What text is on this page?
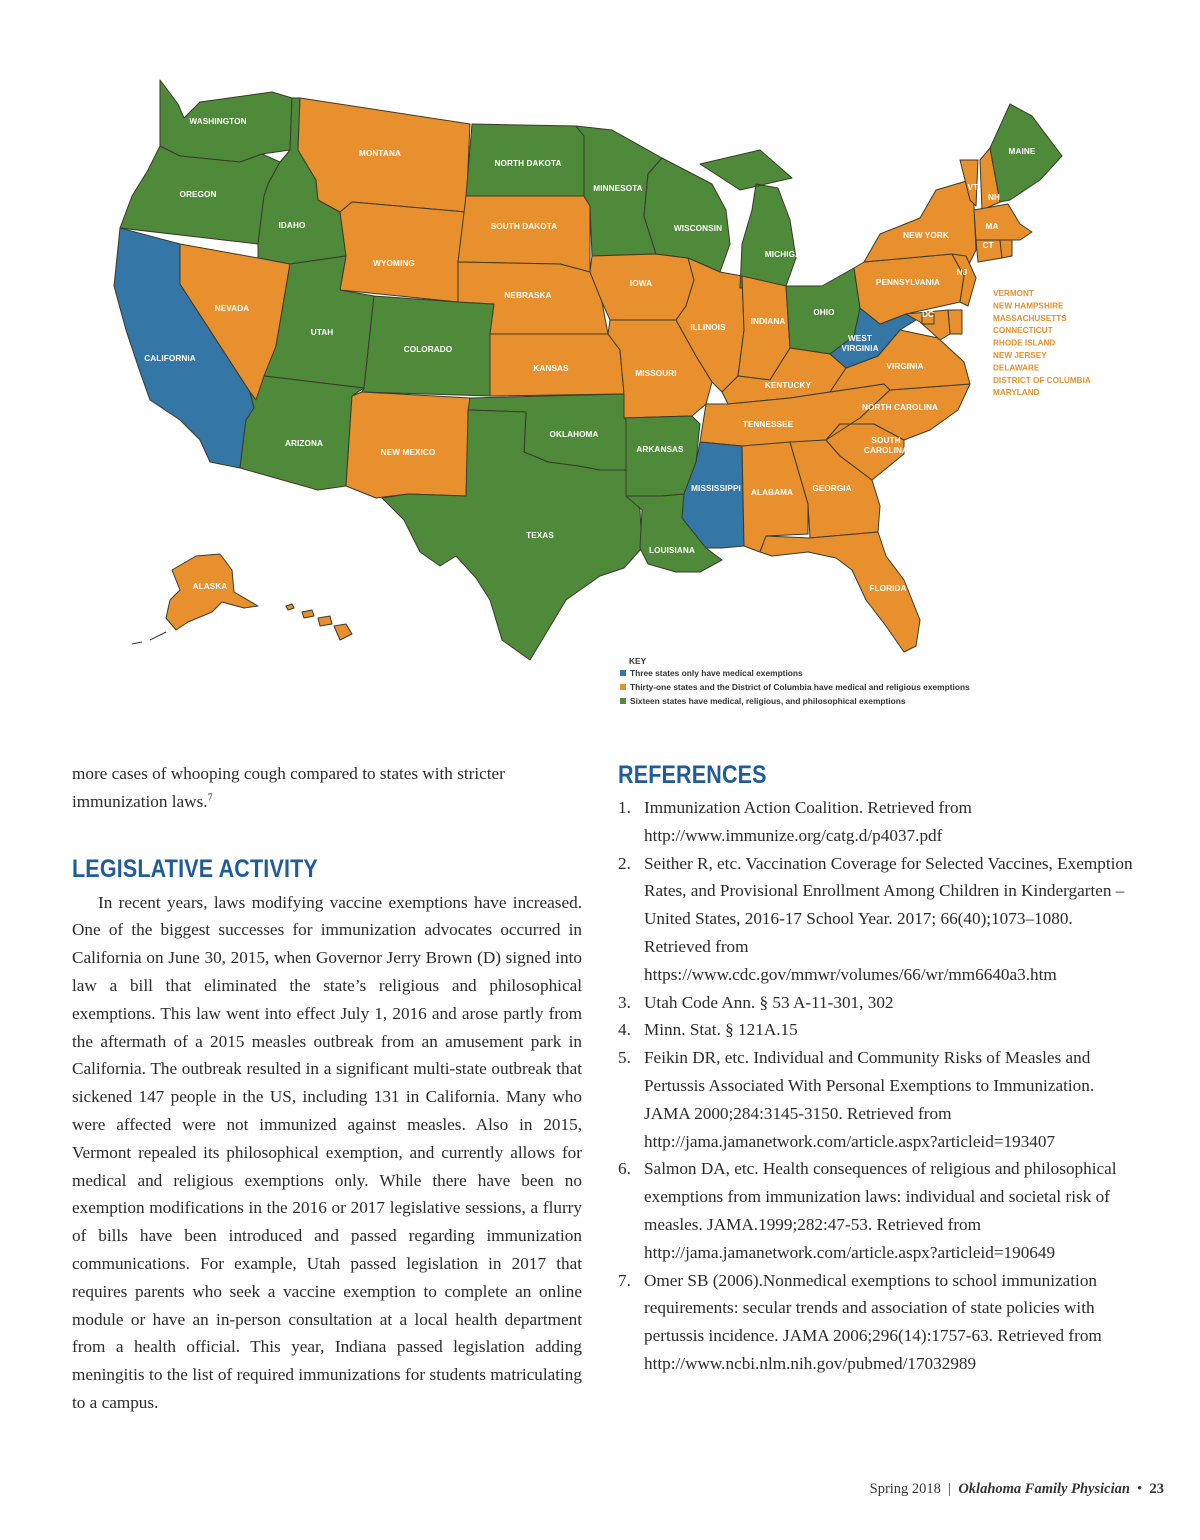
WASHINGTON
OREGON
CALIFORNIA
IDAHO
NEVADA
MONTANA
WYOMING
UTAH
COLORADO
ARIZONA
NEW MEXICO
NORTH DAKOTA
SOUTH DAKOTA
NEBRASKA
KANSAS
OKLAHOMA
TEXAS
MINNESOTA
IOWA
MISSOURI
ARKANSAS
LOUISIANA
WISCONSIN
ILLINOIS
MICHIGAN
INDIANA
OHIO
KENTUCKY
TENNESSEE
MISSISSIPPI ALABAMA GEORGIA
FLORIDA
SOUTH CAROLINA
NORTH CAROLINA
VIRGINIA
WEST VIRGINIA
PENNSYLVANIA
NEW YORK
VT
NH
MAINE
MA
CT
NJ
DC
ALASKA
HAWAII
VERMONT
NEW HAMPSHIRE
MASSACHUSETTS
CONNECTICUT
RHODE ISLAND
NEW JERSEY
DELAWARE
DISTRICT OF COLUMBIA
MARYLAND
KEY
Three states only have medical exemptions
Thirty-one states and the District of Columbia have medical and religious exemptions
Sixteen states have medical, religious, and philosophical exemptions

more cases of whooping cough compared to states with stricter immunization laws.$^7$

LEGISLATIVE ACTIVITY

In recent years, laws modifying vaccine exemptions have increased. One of the biggest successes for immunization advocates occurred in California on June 30, 2015, when Governor Jerry Brown (D) signed into law a bill that eliminated the state’s religious and philosophical exemptions. This law went into effect July 1, 2016 and arose partly from the aftermath of a 2015 measles outbreak from an amusement park in California. The outbreak resulted in a significant multi-state outbreak that sickened 147 people in the US, including 131 in California. Many who were affected were not immunized against measles. Also in 2015, Vermont repealed its philosophical exemption, and currently allows for medical and religious exemptions only. While there have been no exemption modifications in the 2016 or 2017 legislative sessions, a flurry of bills have been introduced and passed regarding immunization communications. For example, Utah passed legislation in 2017 that requires parents who seek a vaccine exemption to complete an online module or have an in-person consultation at a local health department from a health official. This year, Indiana passed legislation adding meningitis to the list of required immunizations for students matriculating to a campus.

REFERENCES
1. Immunization Action Coalition. Retrieved from http://www.immunize.org/catg.d/p4037.pdf
2. Seither R, etc. Vaccination Coverage for Selected Vaccines, Exemption Rates, and Provisional Enrollment Among Children in Kindergarten – United States, 2016-17 School Year. 2017; 66(40);1073–1080. Retrieved from https://www.cdc.gov/mmwr/volumes/66/wr/mm6640a3.htm
3. Utah Code Ann. § 53 A-11-301, 302
4. Minn. Stat. § 121A.15
5. Feikin DR, etc. Individual and Community Risks of Measles and Pertussis Associated With Personal Exemptions to Immunization. JAMA 2000;284:3145-3150. Retrieved from http://jama.jamanetwork.com/article.aspx?articleid=193407
6. Salmon DA, etc. Health consequences of religious and philosophical exemptions from immunization laws: individual and societal risk of measles. JAMA.1999;282:47-53. Retrieved from http://jama.jamanetwork.com/article.aspx?articleid=190649
7. Omer SB (2006).Nonmedical exemptions to school immunization requirements: secular trends and association of state policies with pertussis incidence. JAMA 2006;296(14):1757-63. Retrieved from http://www.ncbi.nlm.nih.gov/pubmed/17032989
Spring 2018  |  Oklahoma Family Physician  •  23
